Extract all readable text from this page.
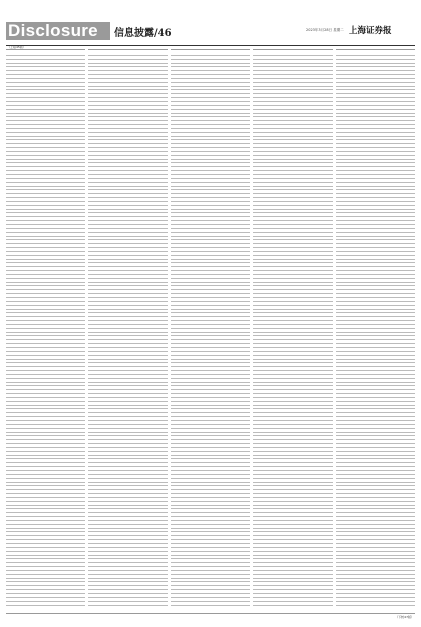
Disclosure	信息披露/46	2023年3月28日 星期二 上海证券报
（上接45版）
（下转47版）
